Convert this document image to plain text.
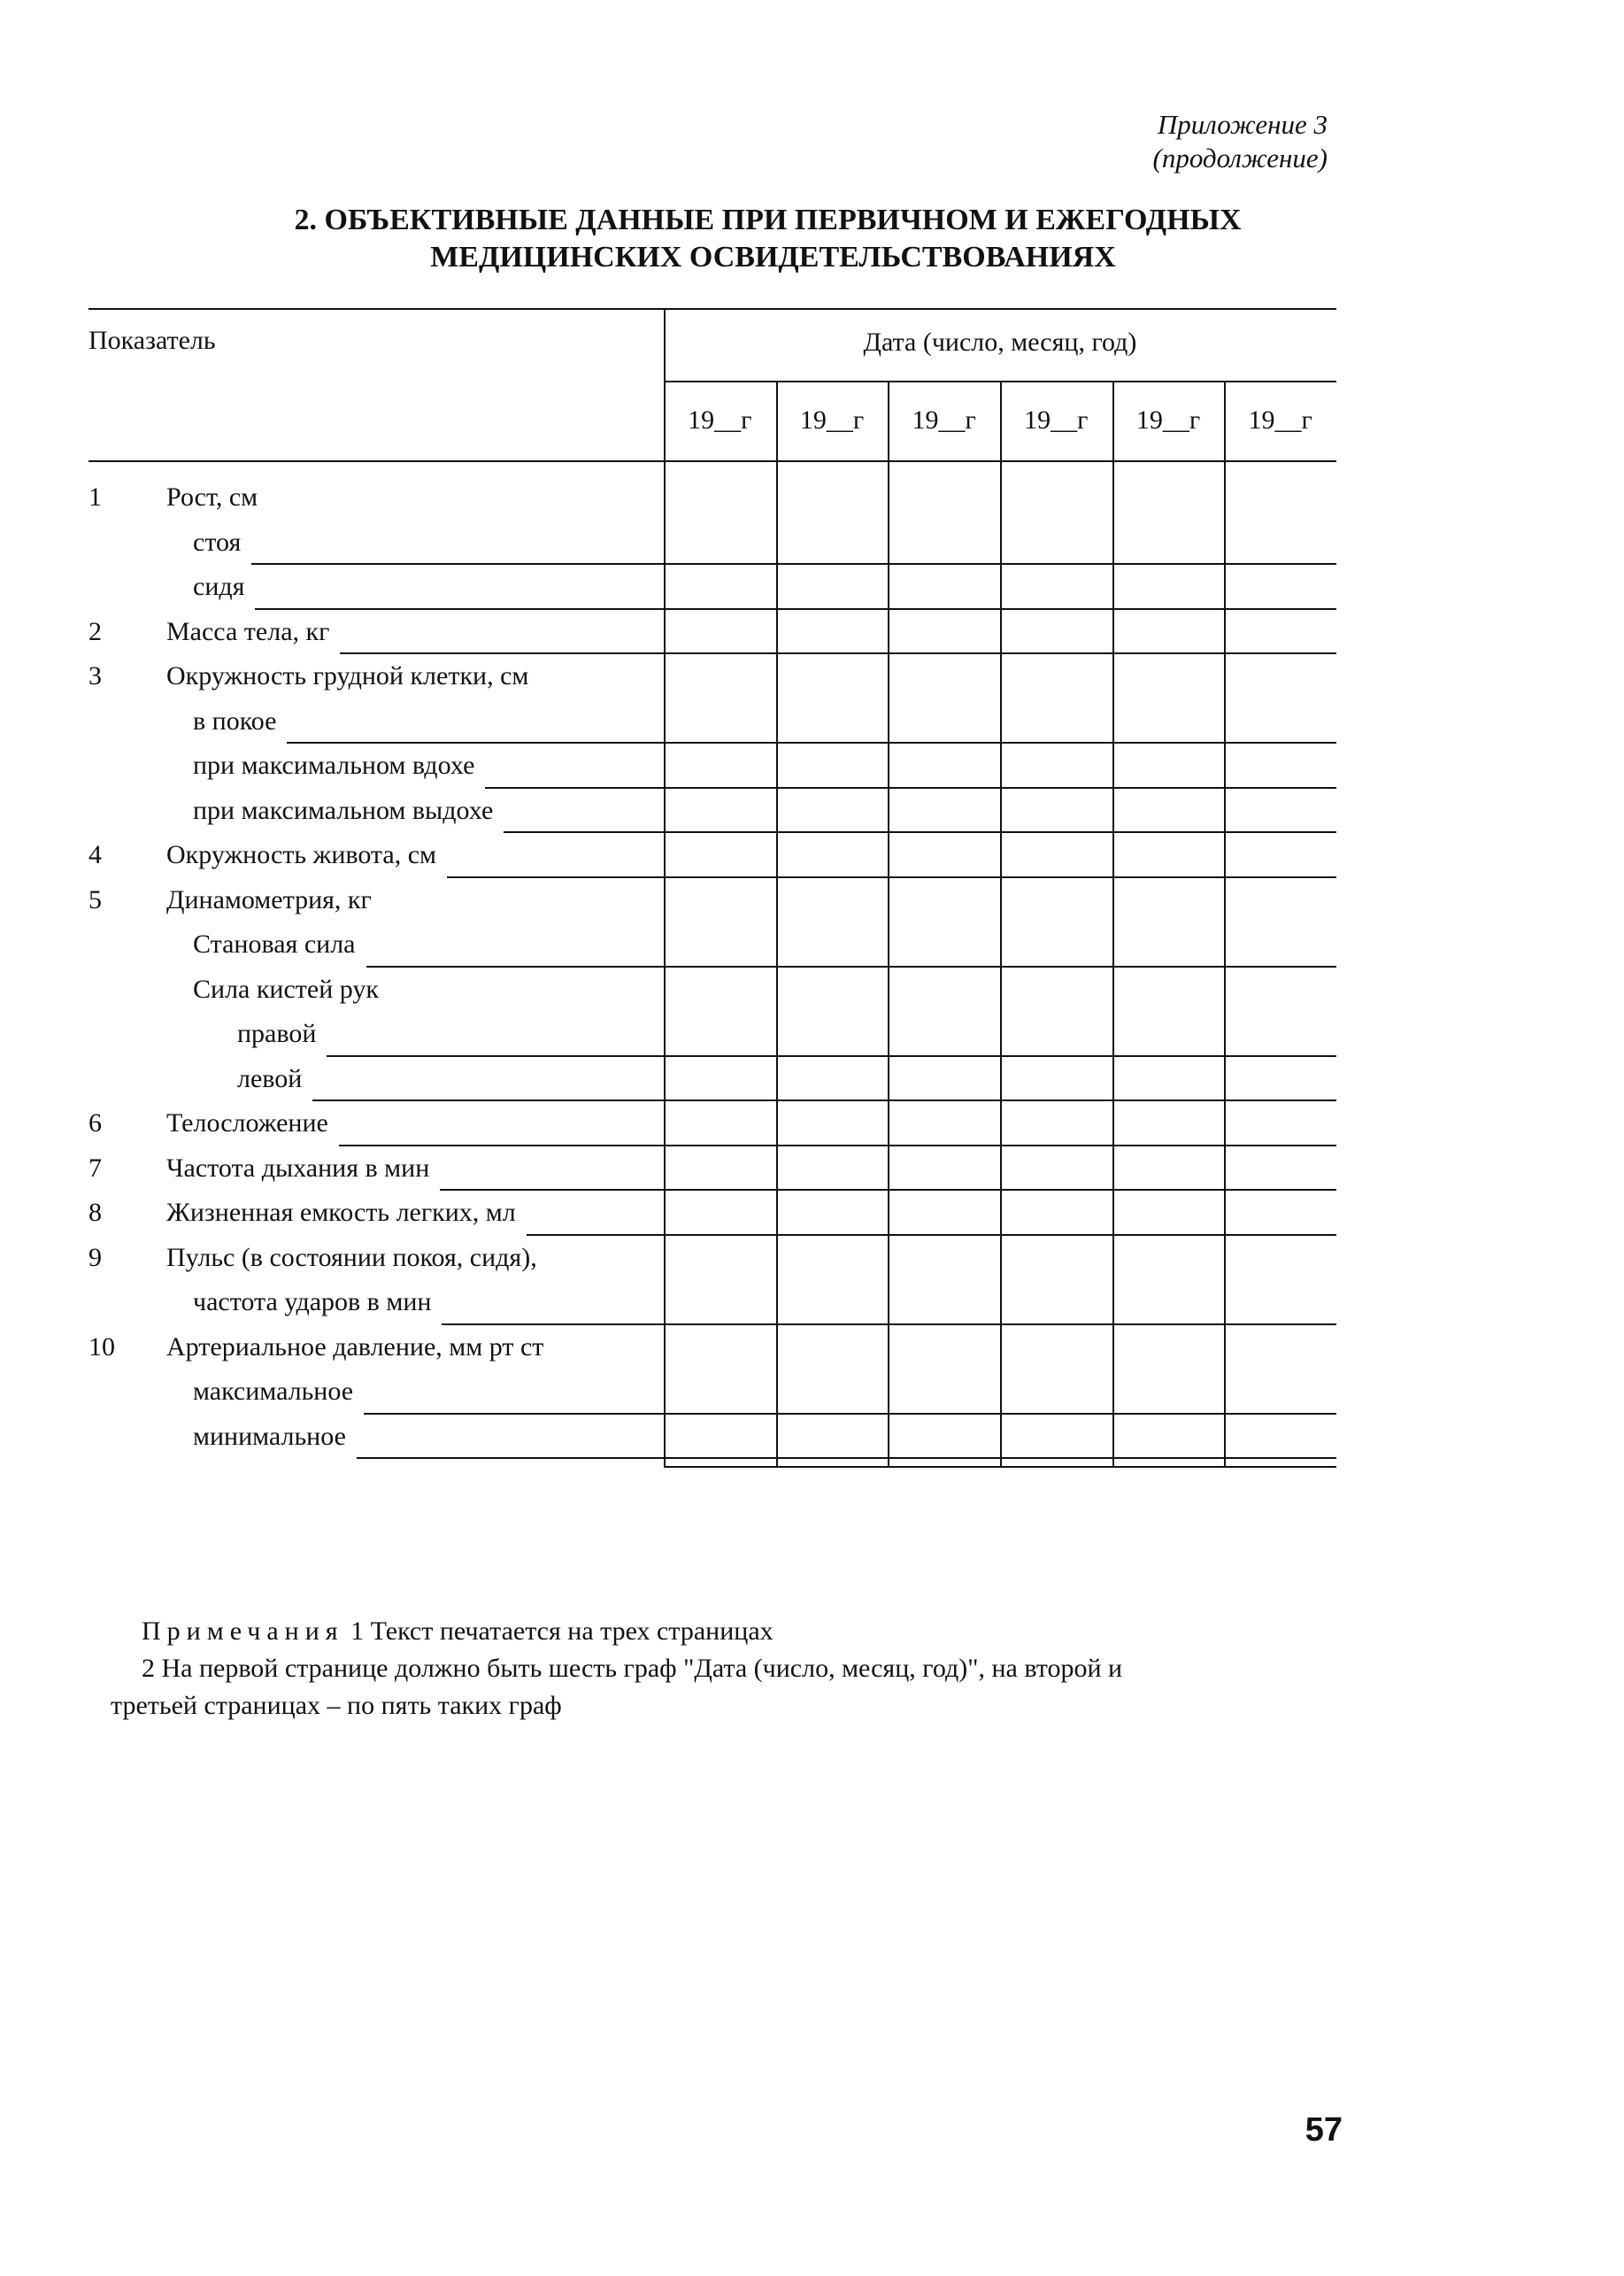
Приложение 3
(продолжение)
2. ОБЪЕКТИВНЫЕ ДАННЫЕ ПРИ ПЕРВИЧНОМ И ЕЖЕГОДНЫХ
МЕДИЦИНСКИХ ОСВИДЕТЕЛЬСТВОВАНИЯХ
Показатель	Дата (число, месяц, год)
19__г	19__г	19__г	19__г	19__г	19__г
1 Рост, см
стоя
сидя
2 Масса тела, кг
3 Окружность грудной клетки, см
в покое
при максимальном вдохе
при максимальном выдохе
4 Окружность живота, см
5 Динамометрия, кг
Становая сила
Сила кистей рук
правой
левой
6 Телосложение
7 Частота дыхания в мин
8 Жизненная емкость легких, мл
9 Пульс (в состоянии покоя, сидя),
частота ударов в мин
10 Артериальное давление, мм рт ст
максимальное
минимальное
Примечания 1 Текст печатается на трех страницах
2 На первой странице должно быть шесть граф "Дата (число, месяц, год)", на второй и
третьей страницах – по пять таких граф
57
